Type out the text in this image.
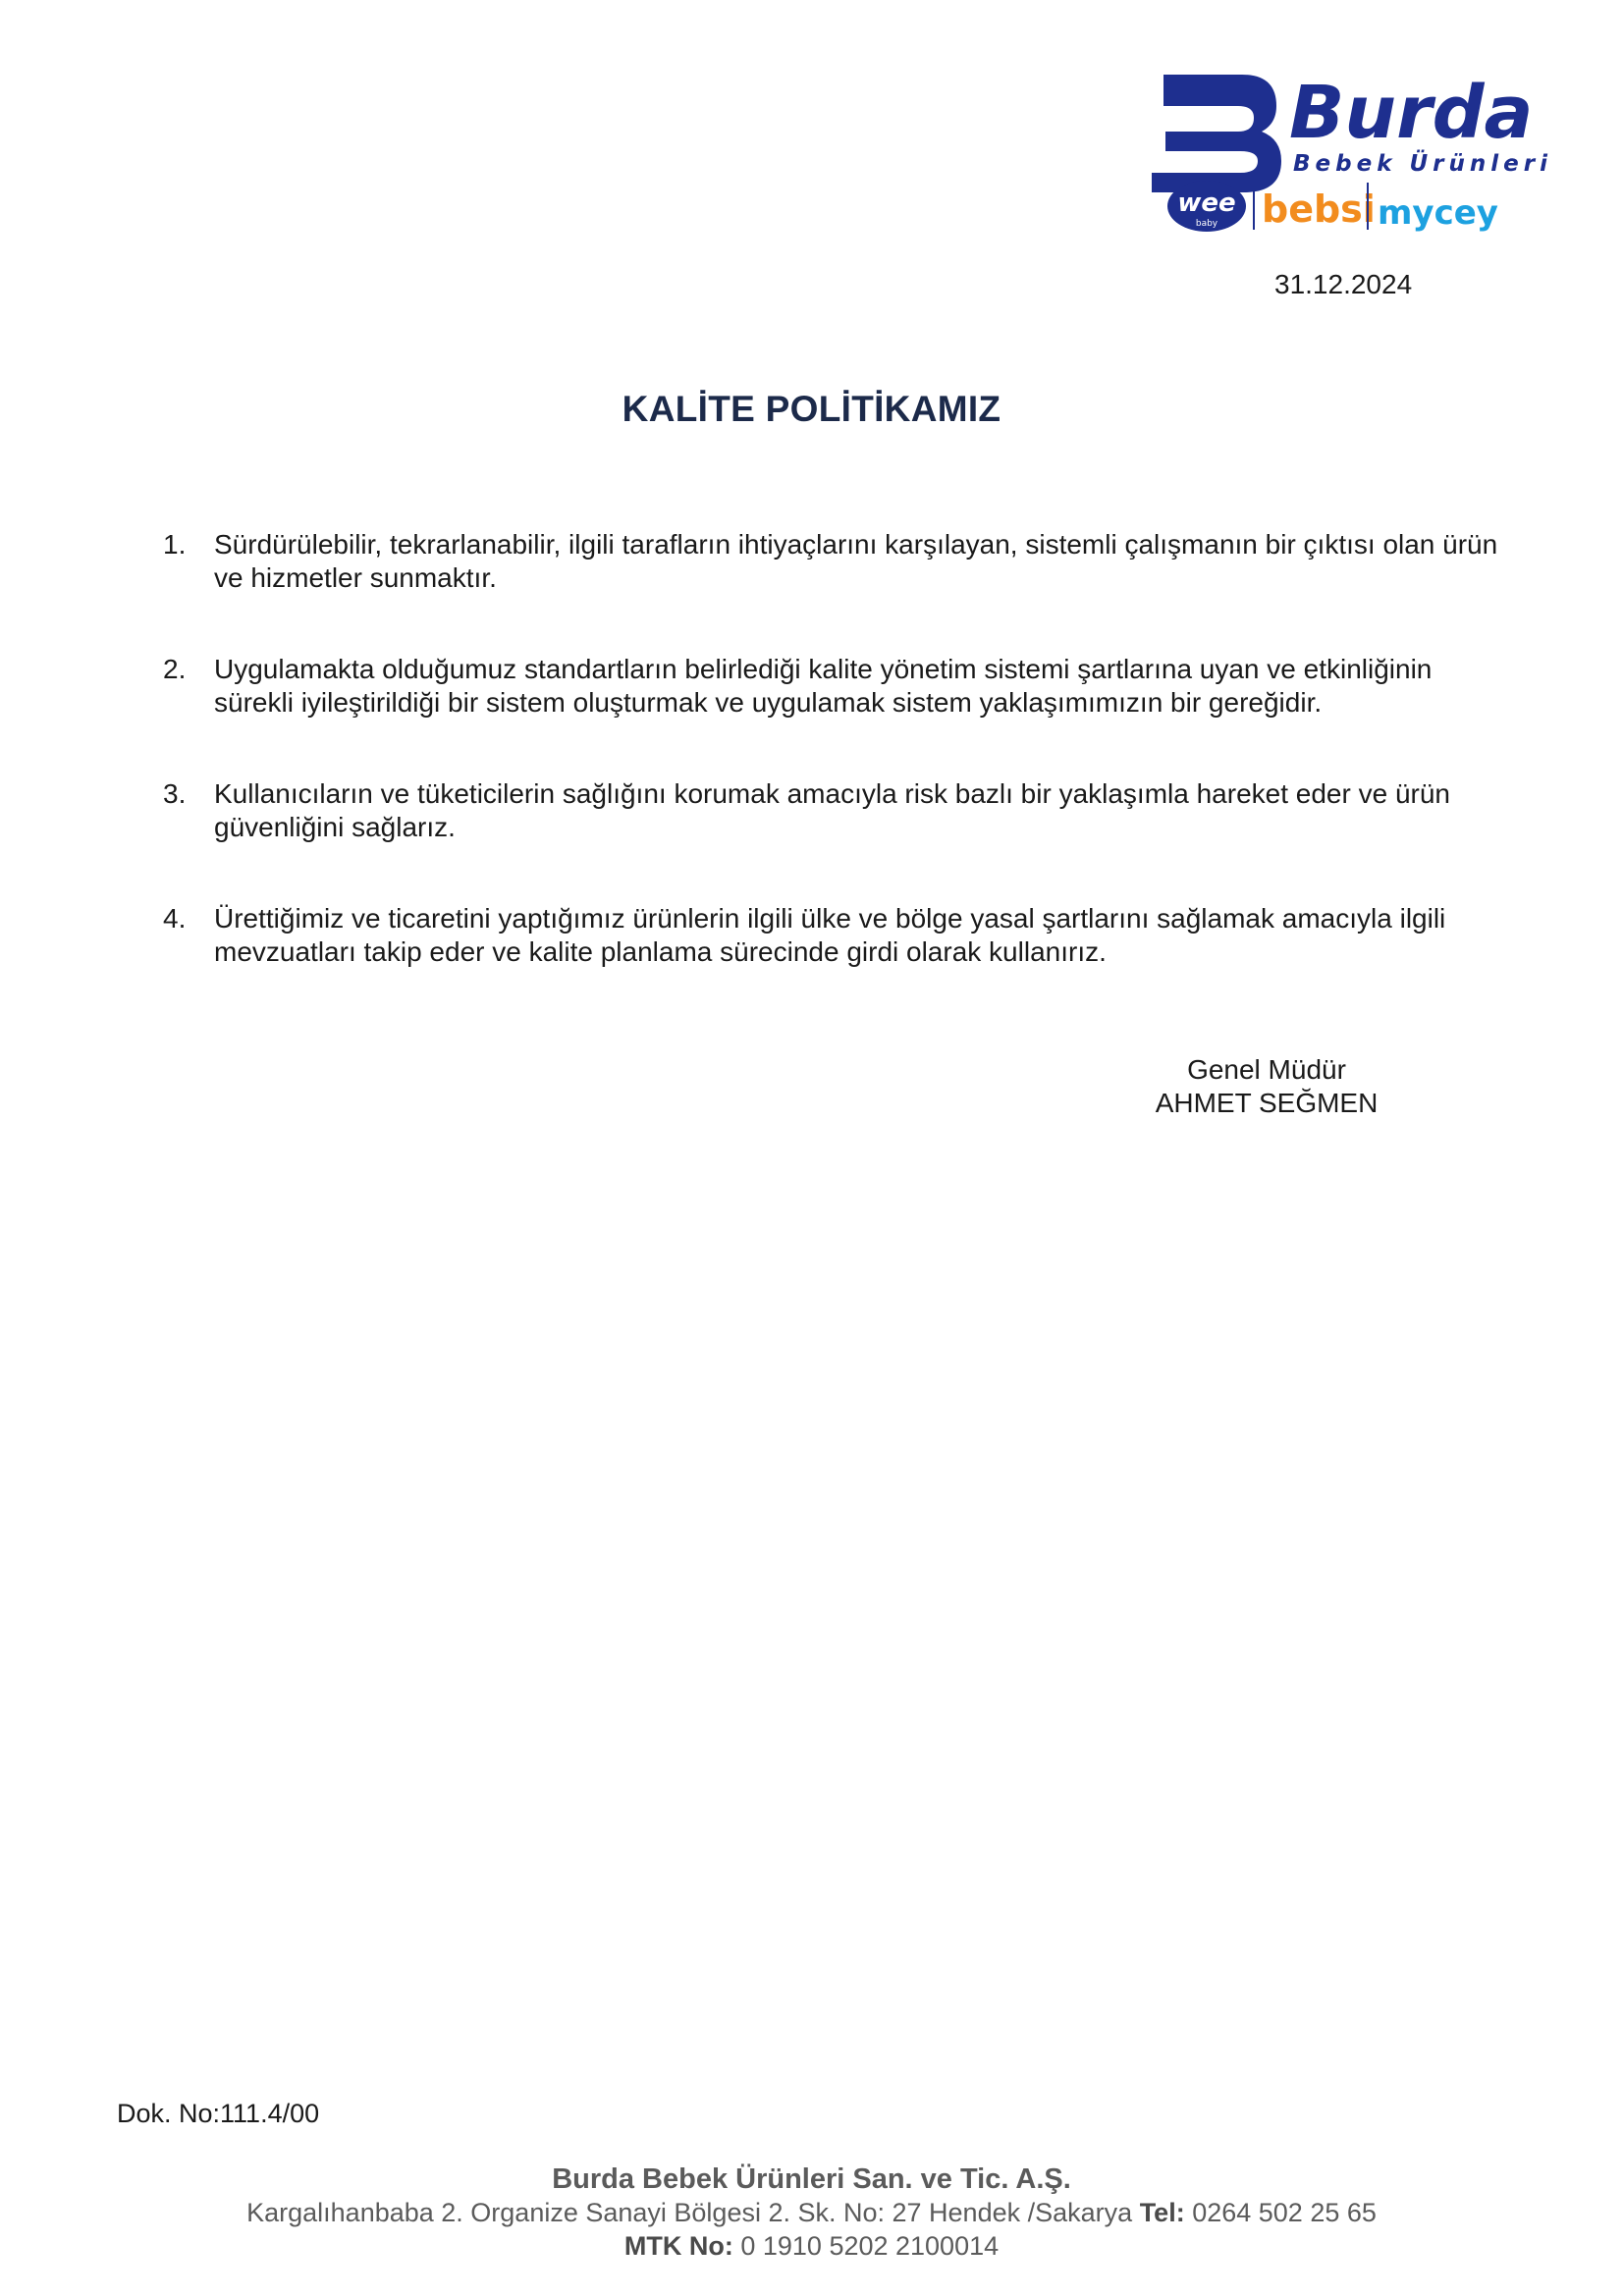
Burda
Bebek Ürünleri
wee
baby bebsi mycey
31.12.2024
KALİTE POLİTİKAMIZ
1. Sürdürülebilir, tekrarlanabilir, ilgili tarafların ihtiyaçlarını karşılayan, sistemli çalışmanın bir çıktısı olan ürün ve hizmetler sunmaktır.
2. Uygulamakta olduğumuz standartların belirlediği kalite yönetim sistemi şartlarına uyan ve etkinliğinin sürekli iyileştirildiği bir sistem oluşturmak ve uygulamak sistem yaklaşımımızın bir gereğidir.
3. Kullanıcıların ve tüketicilerin sağlığını korumak amacıyla risk bazlı bir yaklaşımla hareket eder ve ürün güvenliğini sağlarız.
4. Ürettiğimiz ve ticaretini yaptığımız ürünlerin ilgili ülke ve bölge yasal şartlarını sağlamak amacıyla ilgili mevzuatları takip eder ve kalite planlama sürecinde girdi olarak kullanırız.
Genel Müdür
AHMET SEĞMEN
Dok. No:111.4/00
Burda Bebek Ürünleri San. ve Tic. A.Ş.
Kargalıhanbaba 2. Organize Sanayi Bölgesi 2. Sk. No: 27 Hendek /Sakarya Tel: 0264 502 25 65
MTK No: 0 1910 5202 2100014
